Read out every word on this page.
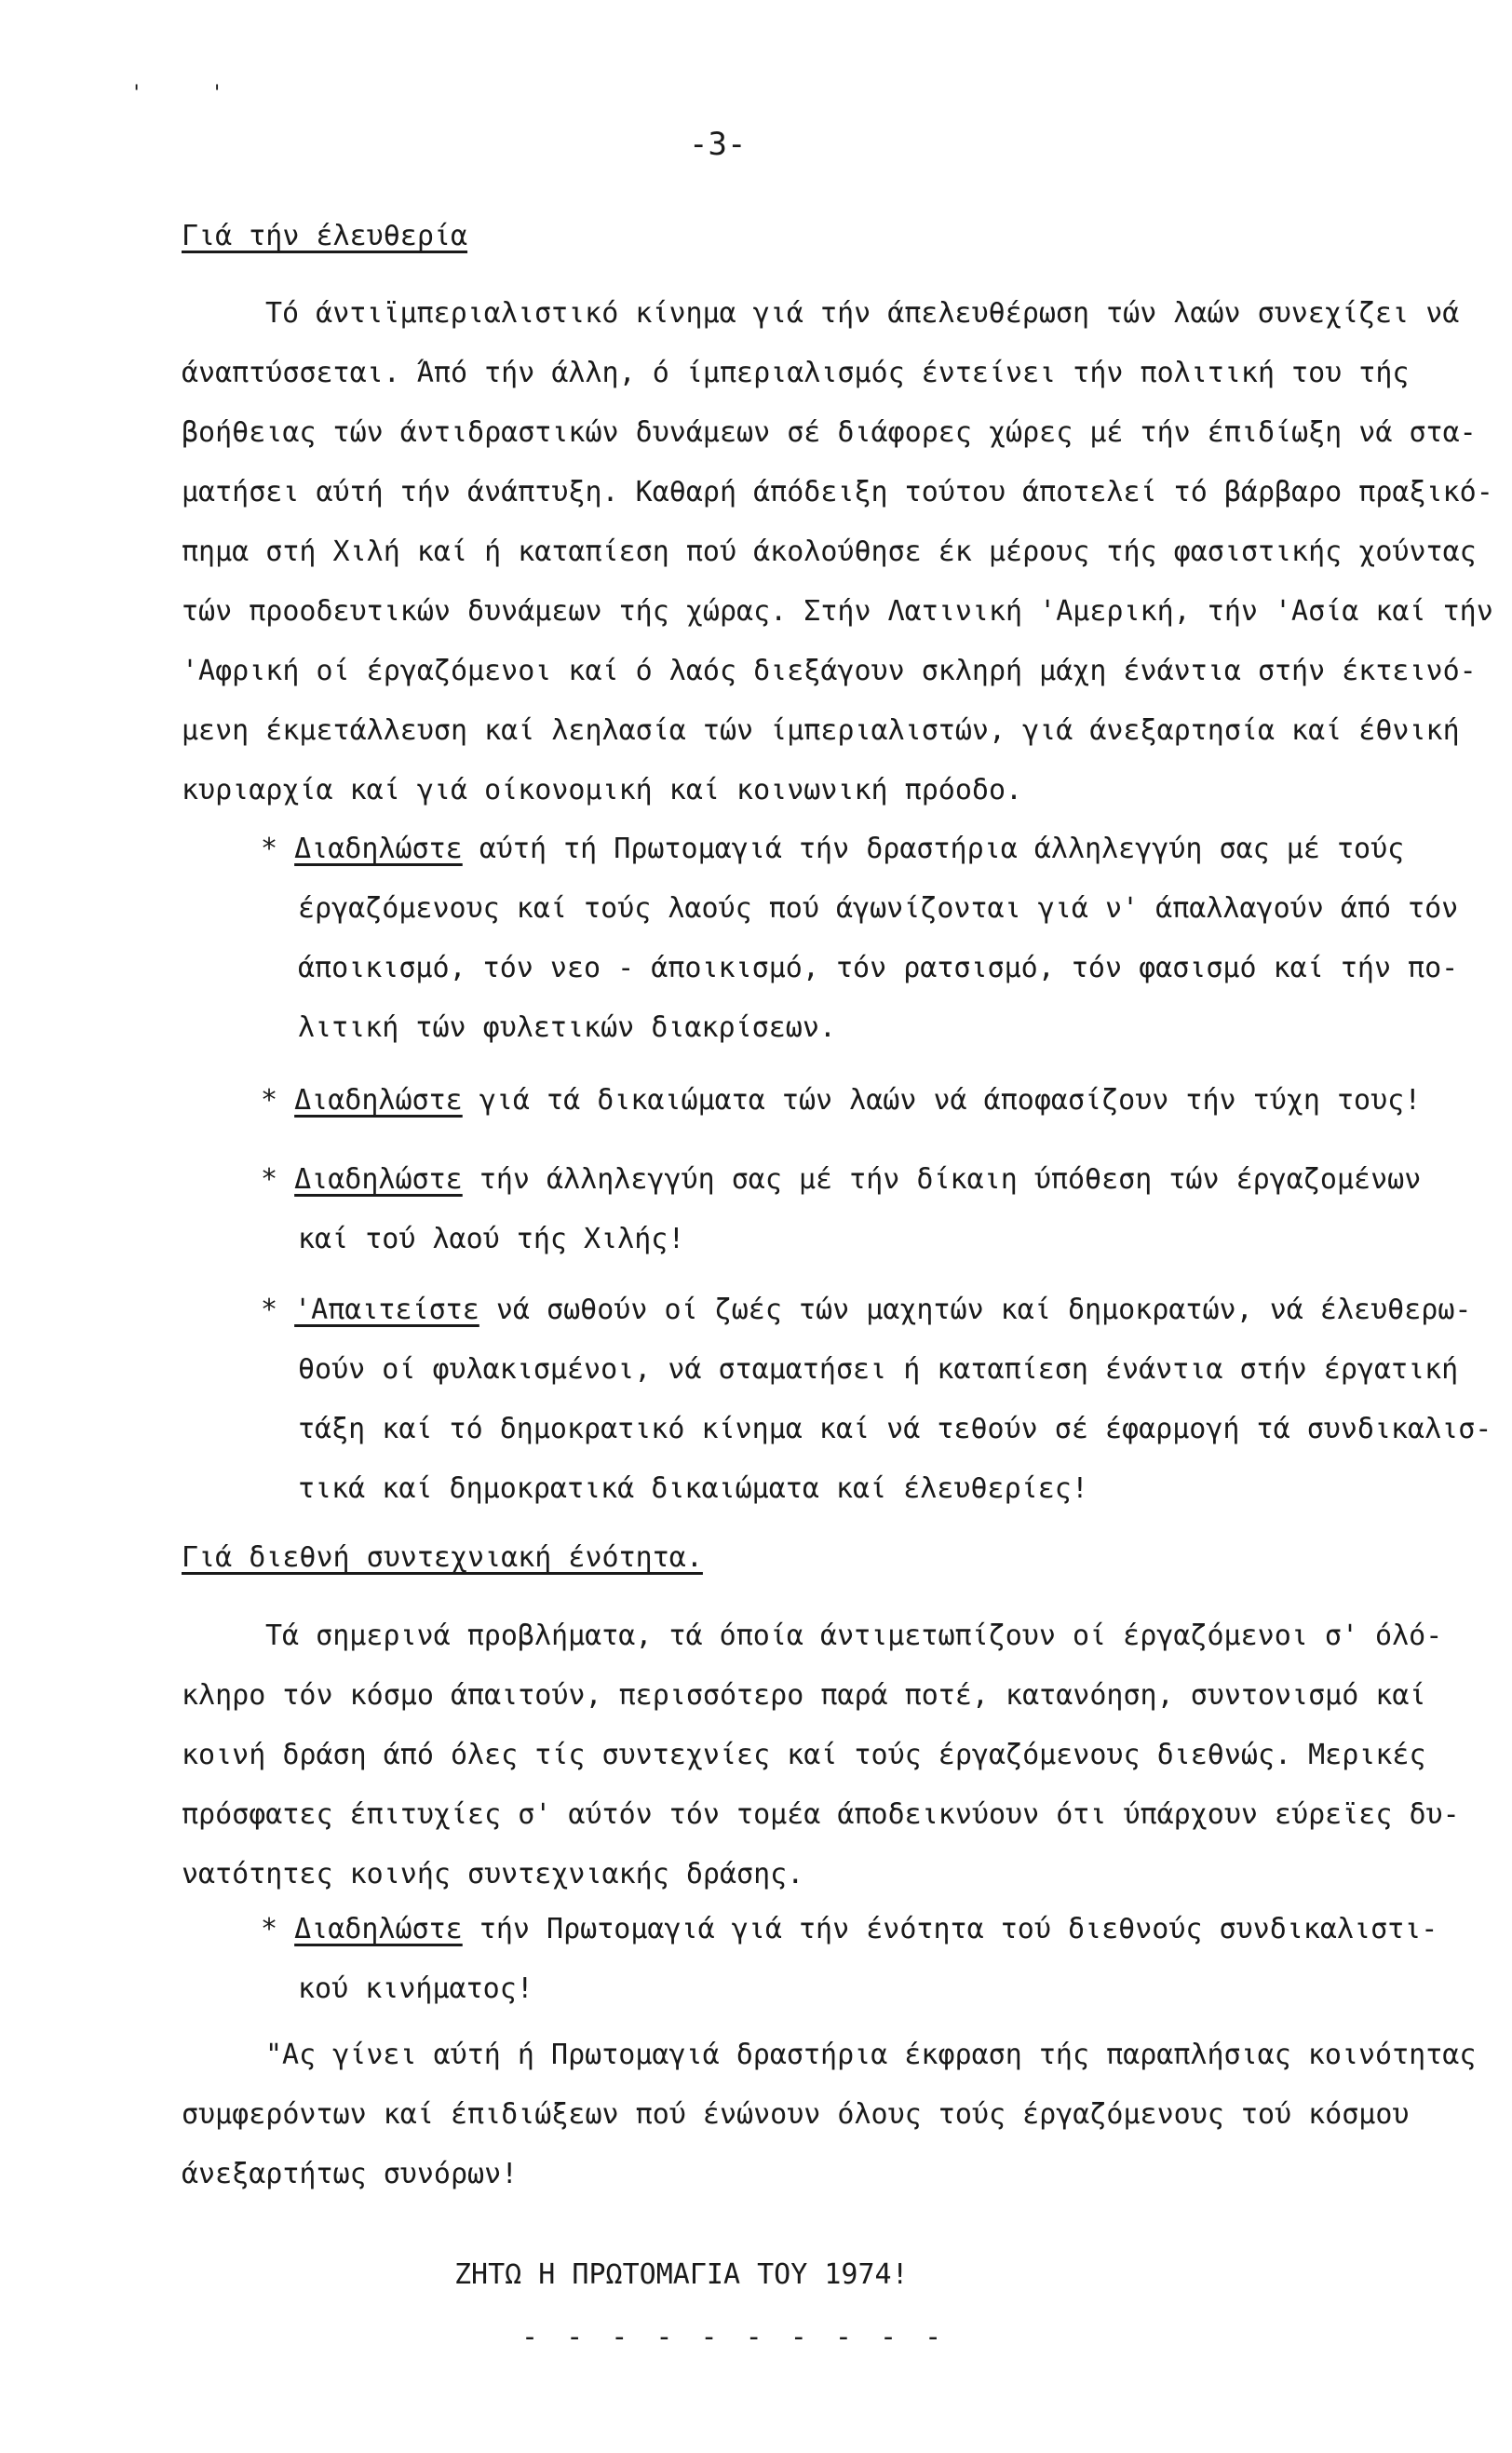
' '
-3-
Γιά τήν έλευθερία

Τό άντιϊμπεριαλιστικό κίνημα γιά τήν άπελευθέρωση τών λαών συνεχίζει νά
άναπτύσσεται. Άπό τήν άλλη, ό ίμπεριαλισμός έντείνει τήν πολιτική του τής
βοήθειας τών άντιδραστικών δυνάμεων σέ διάφορες χώρες μέ τήν έπιδίωξη νά στα-
ματήσει αύτή τήν άνάπτυξη. Καθαρή άπόδειξη τούτου άποτελεί τό βάρβαρο πραξικό-
πημα στή Χιλή καί ή καταπίεση πού άκολούθησε έκ μέρους τής φασιστικής χούντας
τών προοδευτικών δυνάμεων τής χώρας. Στήν Λατινική 'Αμερική, τήν 'Ασία καί τήν
'Αφρική οί έργαζόμενοι καί ό λαός διεξάγουν σκληρή μάχη ένάντια στήν έκτεινό-
μενη έκμετάλλευση καί λεηλασία τών ίμπεριαλιστών, γιά άνεξαρτησία καί έθνική
κυριαρχία καί γιά οίκονομική καί κοινωνική πρόοδο.

* Διαδηλώστε αύτή τή Πρωτομαγιά τήν δραστήρια άλληλεγγύη σας μέ τούς
έργαζόμενους καί τούς λαούς πού άγωνίζονται γιά ν' άπαλλαγούν άπό τόν
άποικισμό, τόν νεο - άποικισμό, τόν ρατσισμό, τόν φασισμό καί τήν πο-
λιτική τών φυλετικών διακρίσεων.

* Διαδηλώστε γιά τά δικαιώματα τών λαών νά άποφασίζουν τήν τύχη τους!

* Διαδηλώστε τήν άλληλεγγύη σας μέ τήν δίκαιη ύπόθεση τών έργαζομένων
καί τού λαού τής Χιλής!

* 'Απαιτείστε νά σωθούν οί ζωές τών μαχητών καί δημοκρατών, νά έλευθερω-
θούν οί φυλακισμένοι, νά σταματήσει ή καταπίεση ένάντια στήν έργατική
τάξη καί τό δημοκρατικό κίνημα καί νά τεθούν σέ έφαρμογή τά συνδικαλισ-
τικά καί δημοκρατικά δικαιώματα καί έλευθερίες!

Γιά διεθνή συντεχνιακή ένότητα.

Τά σημερινά προβλήματα, τά όποία άντιμετωπίζουν οί έργαζόμενοι σ' όλό-
κληρο τόν κόσμο άπαιτούν, περισσότερο παρά ποτέ, κατανόηση, συντονισμό καί
κοινή δράση άπό όλες τίς συντεχνίες καί τούς έργαζόμενους διεθνώς. Μερικές
πρόσφατες έπιτυχίες σ' αύτόν τόν τομέα άποδεικνύουν ότι ύπάρχουν εύρεϊες δυ-
νατότητες κοινής συντεχνιακής δράσης.

* Διαδηλώστε τήν Πρωτομαγιά γιά τήν ένότητα τού διεθνούς συνδικαλιστι-
κού κινήματος!

"Ας γίνει αύτή ή Πρωτομαγιά δραστήρια έκφραση τής παραπλήσιας κοινότητας
συμφερόντων καί έπιδιώξεων πού ένώνουν όλους τούς έργαζόμενους τού κόσμου
άνεξαρτήτως συνόρων!

ΖΗΤΩ Η ΠΡΩΤΟΜΑΓΙΑ ΤΟΥ 1974!
- - - - - - - - - -
